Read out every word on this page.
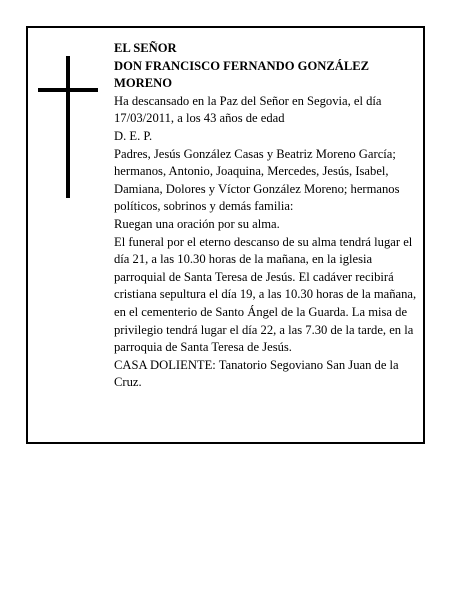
EL SEÑOR

DON FRANCISCO FERNANDO GONZÁLEZ MORENO

Ha descansado en la Paz del Señor en Segovia, el día 17/03/2011, a los 43 años de edad

D. E. P.

Padres, Jesús González Casas y Beatriz Moreno García; hermanos, Antonio, Joaquina, Mercedes, Jesús, Isabel, Damiana, Dolores y Víctor González Moreno; hermanos políticos, sobrinos y demás familia:

Ruegan una oración por su alma.

El funeral por el eterno descanso de su alma tendrá lugar el día 21, a las 10.30 horas de la mañana, en la iglesia parroquial de Santa Teresa de Jesús. El cadáver recibirá cristiana sepultura el día 19, a las 10.30 horas de la mañana, en el cementerio de Santo Ángel de la Guarda. La misa de privilegio tendrá lugar el día 22, a las 7.30 de la tarde, en la parroquia de Santa Teresa de Jesús.

CASA DOLIENTE: Tanatorio Segoviano San Juan de la Cruz.
